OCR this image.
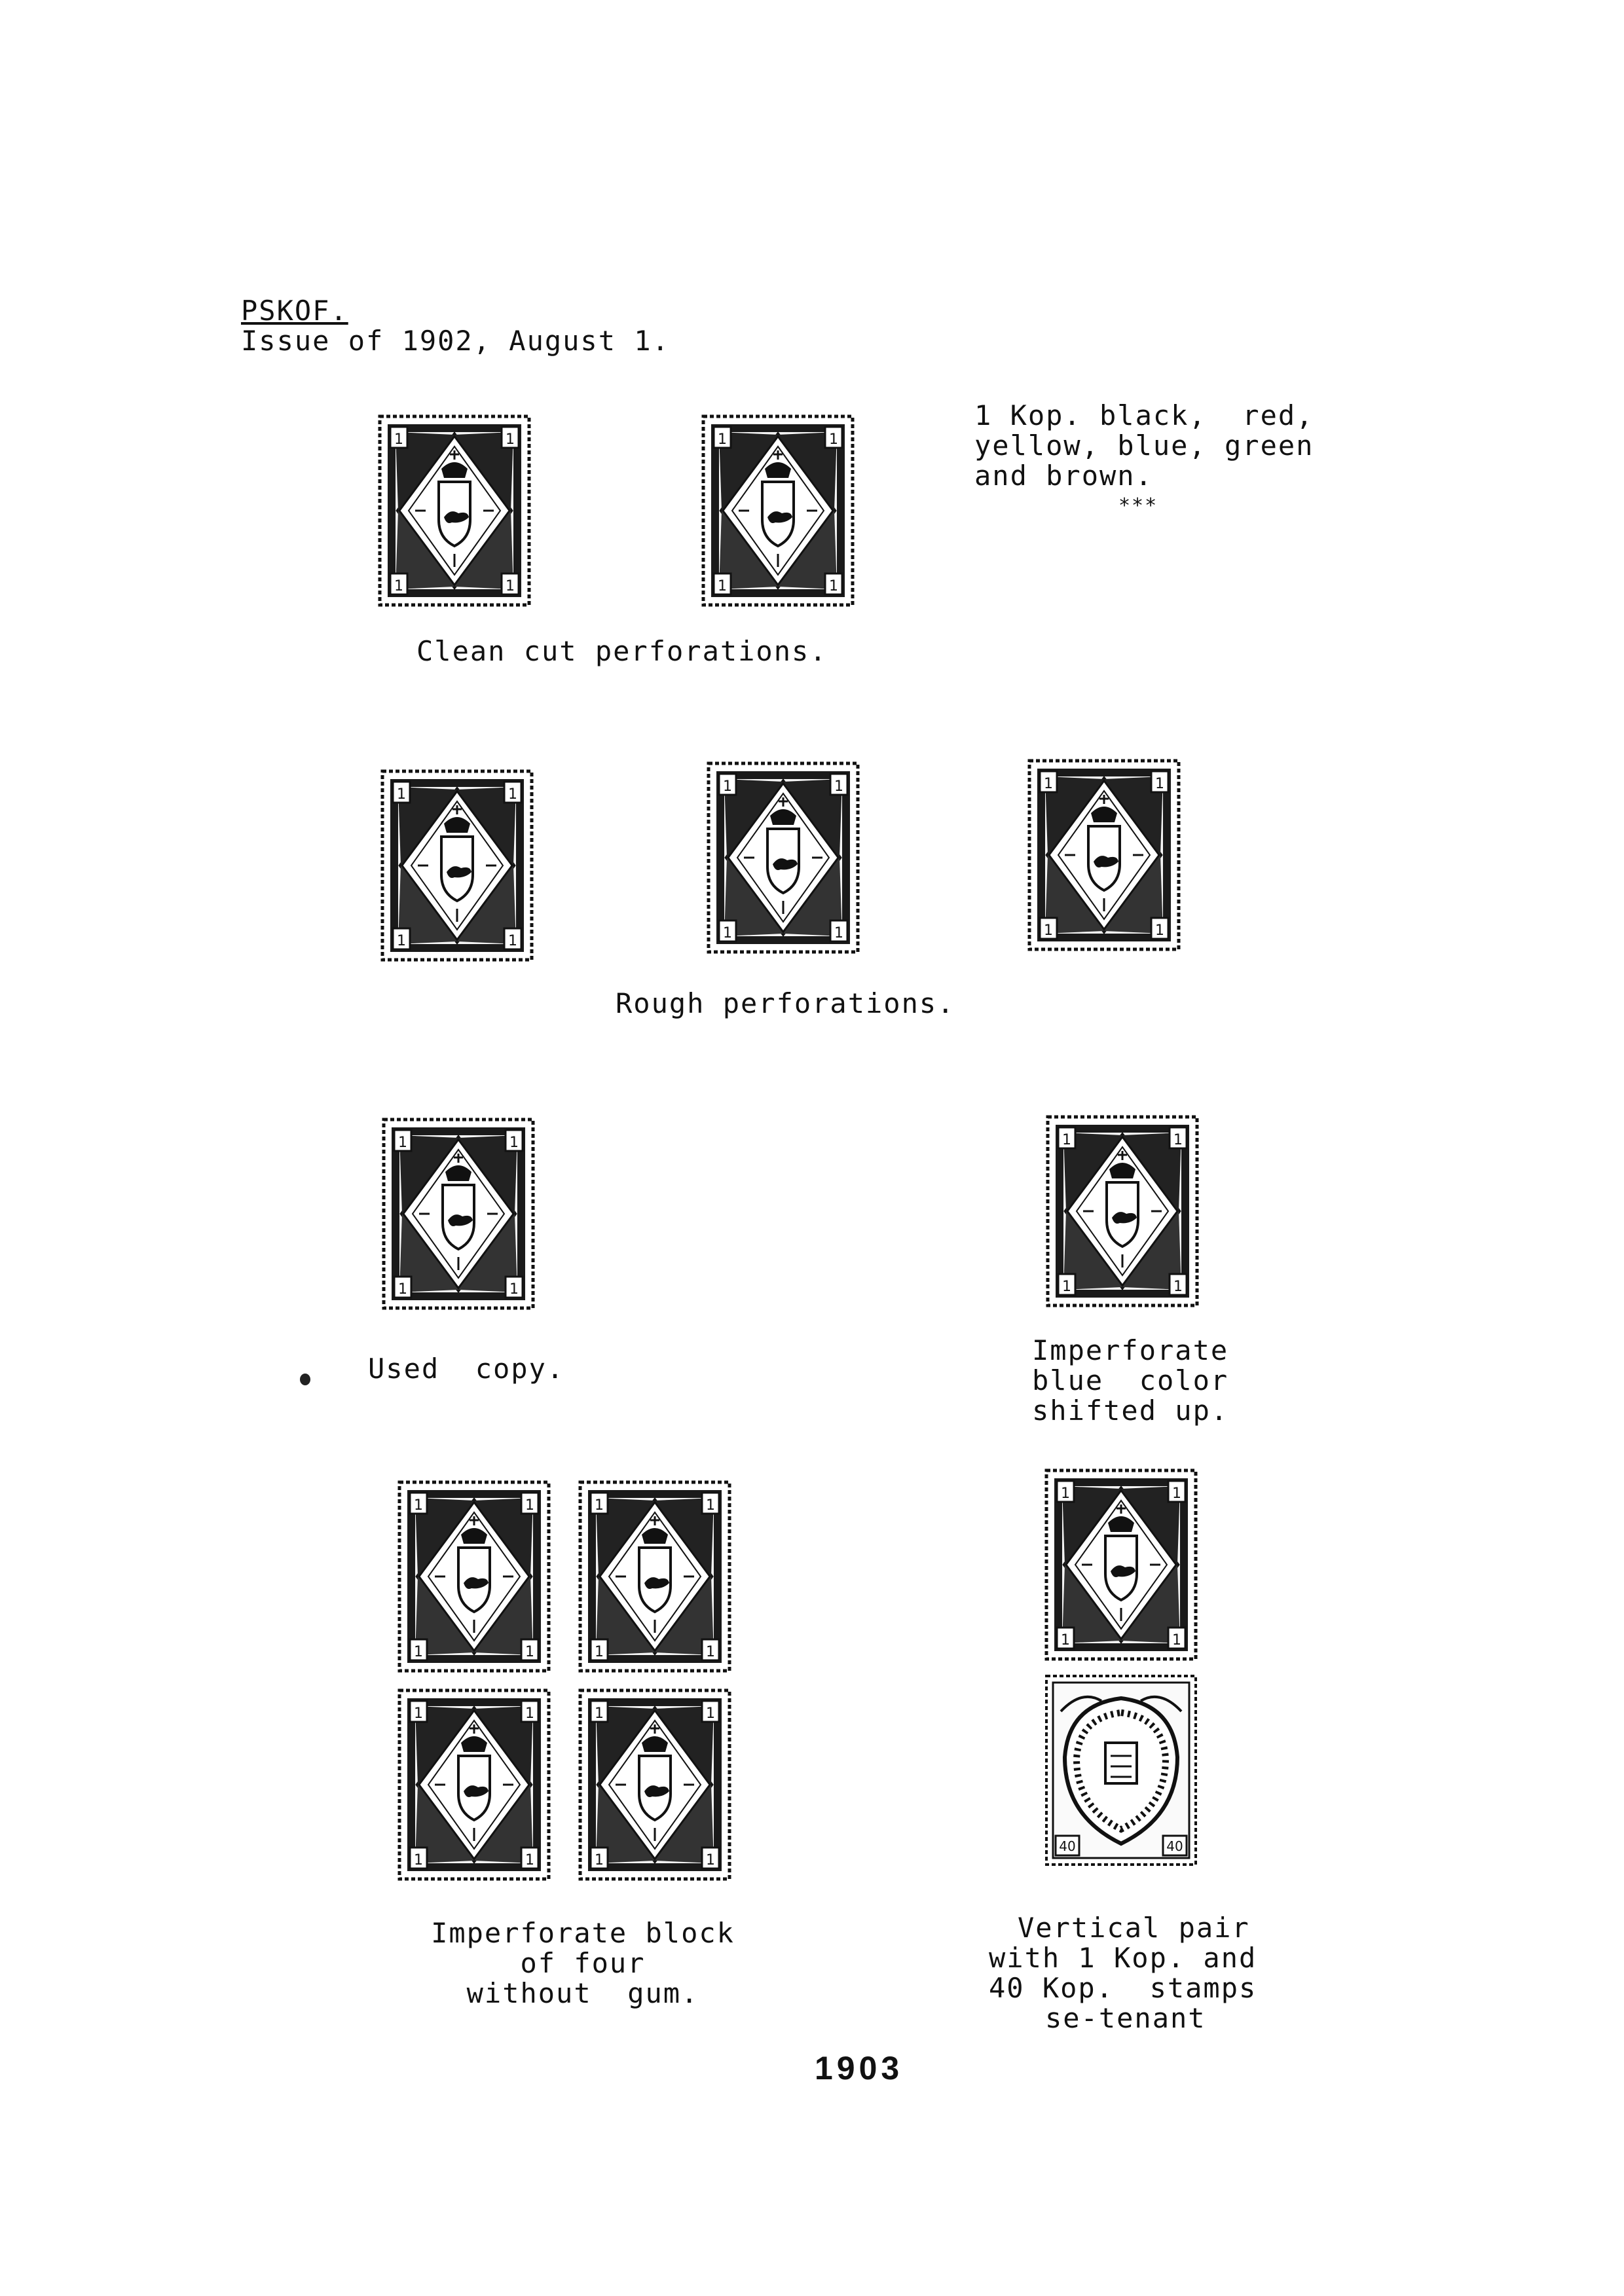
PSKOF.
Issue of 1902, August 1.
1 Kop. black,  red,
yellow, blue, green
and brown.
***
Clean cut perforations.
Rough perforations.
Used  copy.
Imperforate
blue  color
shifted up.
Imperforate block
of four
without  gum.
Vertical pair
with 1 Kop. and
40 Kop.  stamps
se-tenant
1903
